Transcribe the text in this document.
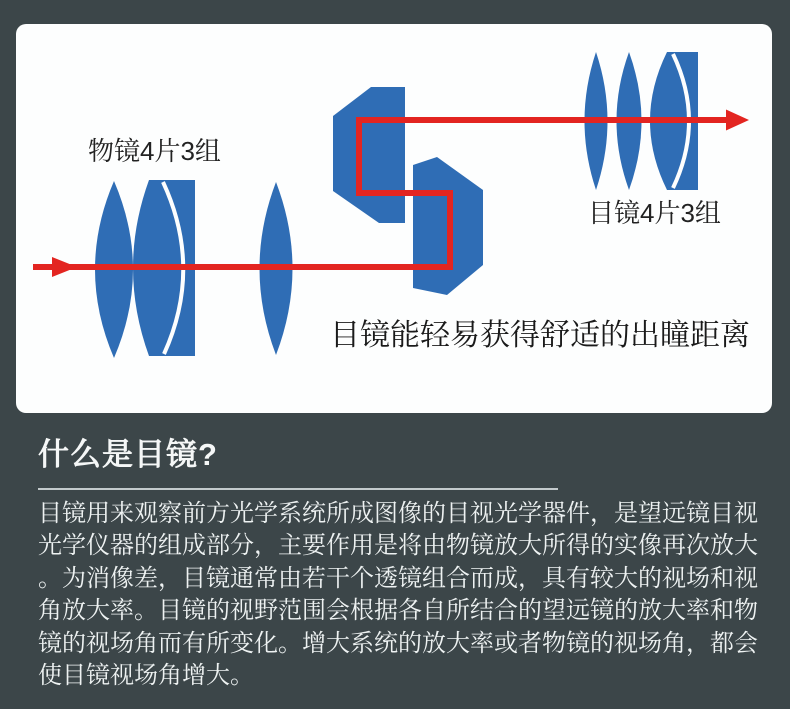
物镜4片3组
目镜4片3组
目镜能轻易获得舒适的出瞳距离
什么是目镜?
目镜用来观察前方光学系统所成图像的目视光学器件，是望远镜目视
光学仪器的组成部分，主要作用是将由物镜放大所得的实像再次放大
。为消像差，目镜通常由若干个透镜组合而成，具有较大的视场和视
角放大率。目镜的视野范围会根据各自所结合的望远镜的放大率和物
镜的视场角而有所变化。增大系统的放大率或者物镜的视场角，都会
使目镜视场角增大。
